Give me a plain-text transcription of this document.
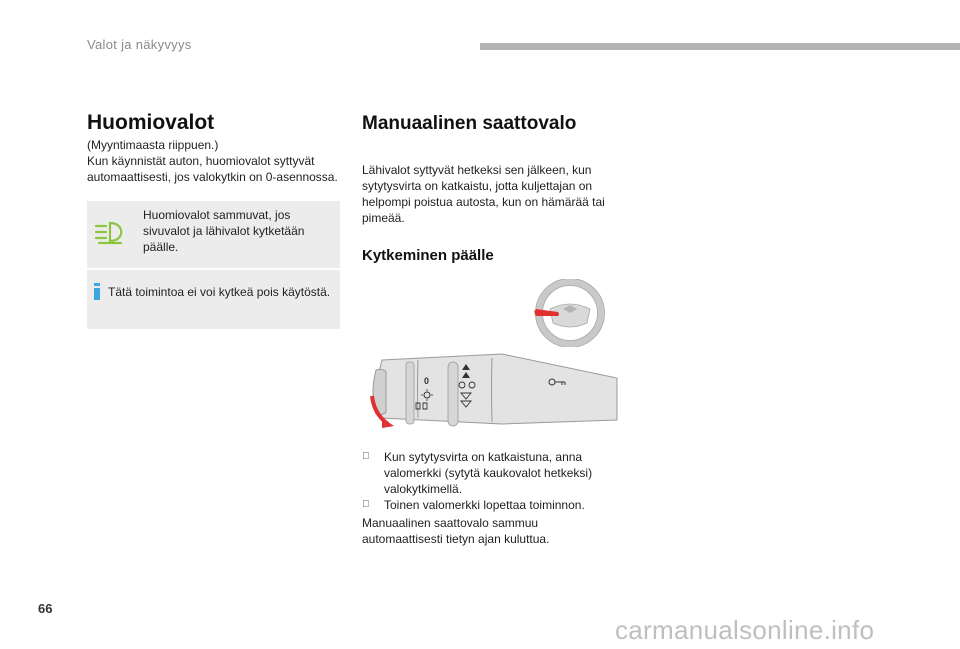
Valot ja näkyvyys
Huomiovalot
(Myyntimaasta riippuen.)
Kun käynnistät auton, huomiovalot syttyvät automaattisesti, jos valokytkin on 0-asennossa.
Huomiovalot sammuvat, jos sivuvalot ja lähivalot kytketään päälle.
Tätä toimintoa ei voi kytkeä pois käytöstä.
Manuaalinen saattovalo
Lähivalot syttyvät hetkeksi sen jälkeen, kun sytytysvirta on katkaistu, jotta kuljettajan on helpompi poistua autosta, kun on hämärää tai pimeää.
Kytkeminen päälle
0
Kun sytytysvirta on katkaistuna, anna valomerkki (sytytä kaukovalot hetkeksi) valokytkimellä.
Toinen valomerkki lopettaa toiminnon.
Manuaalinen saattovalo sammuu automaattisesti tietyn ajan kuluttua.
66
carmanualsonline.info
